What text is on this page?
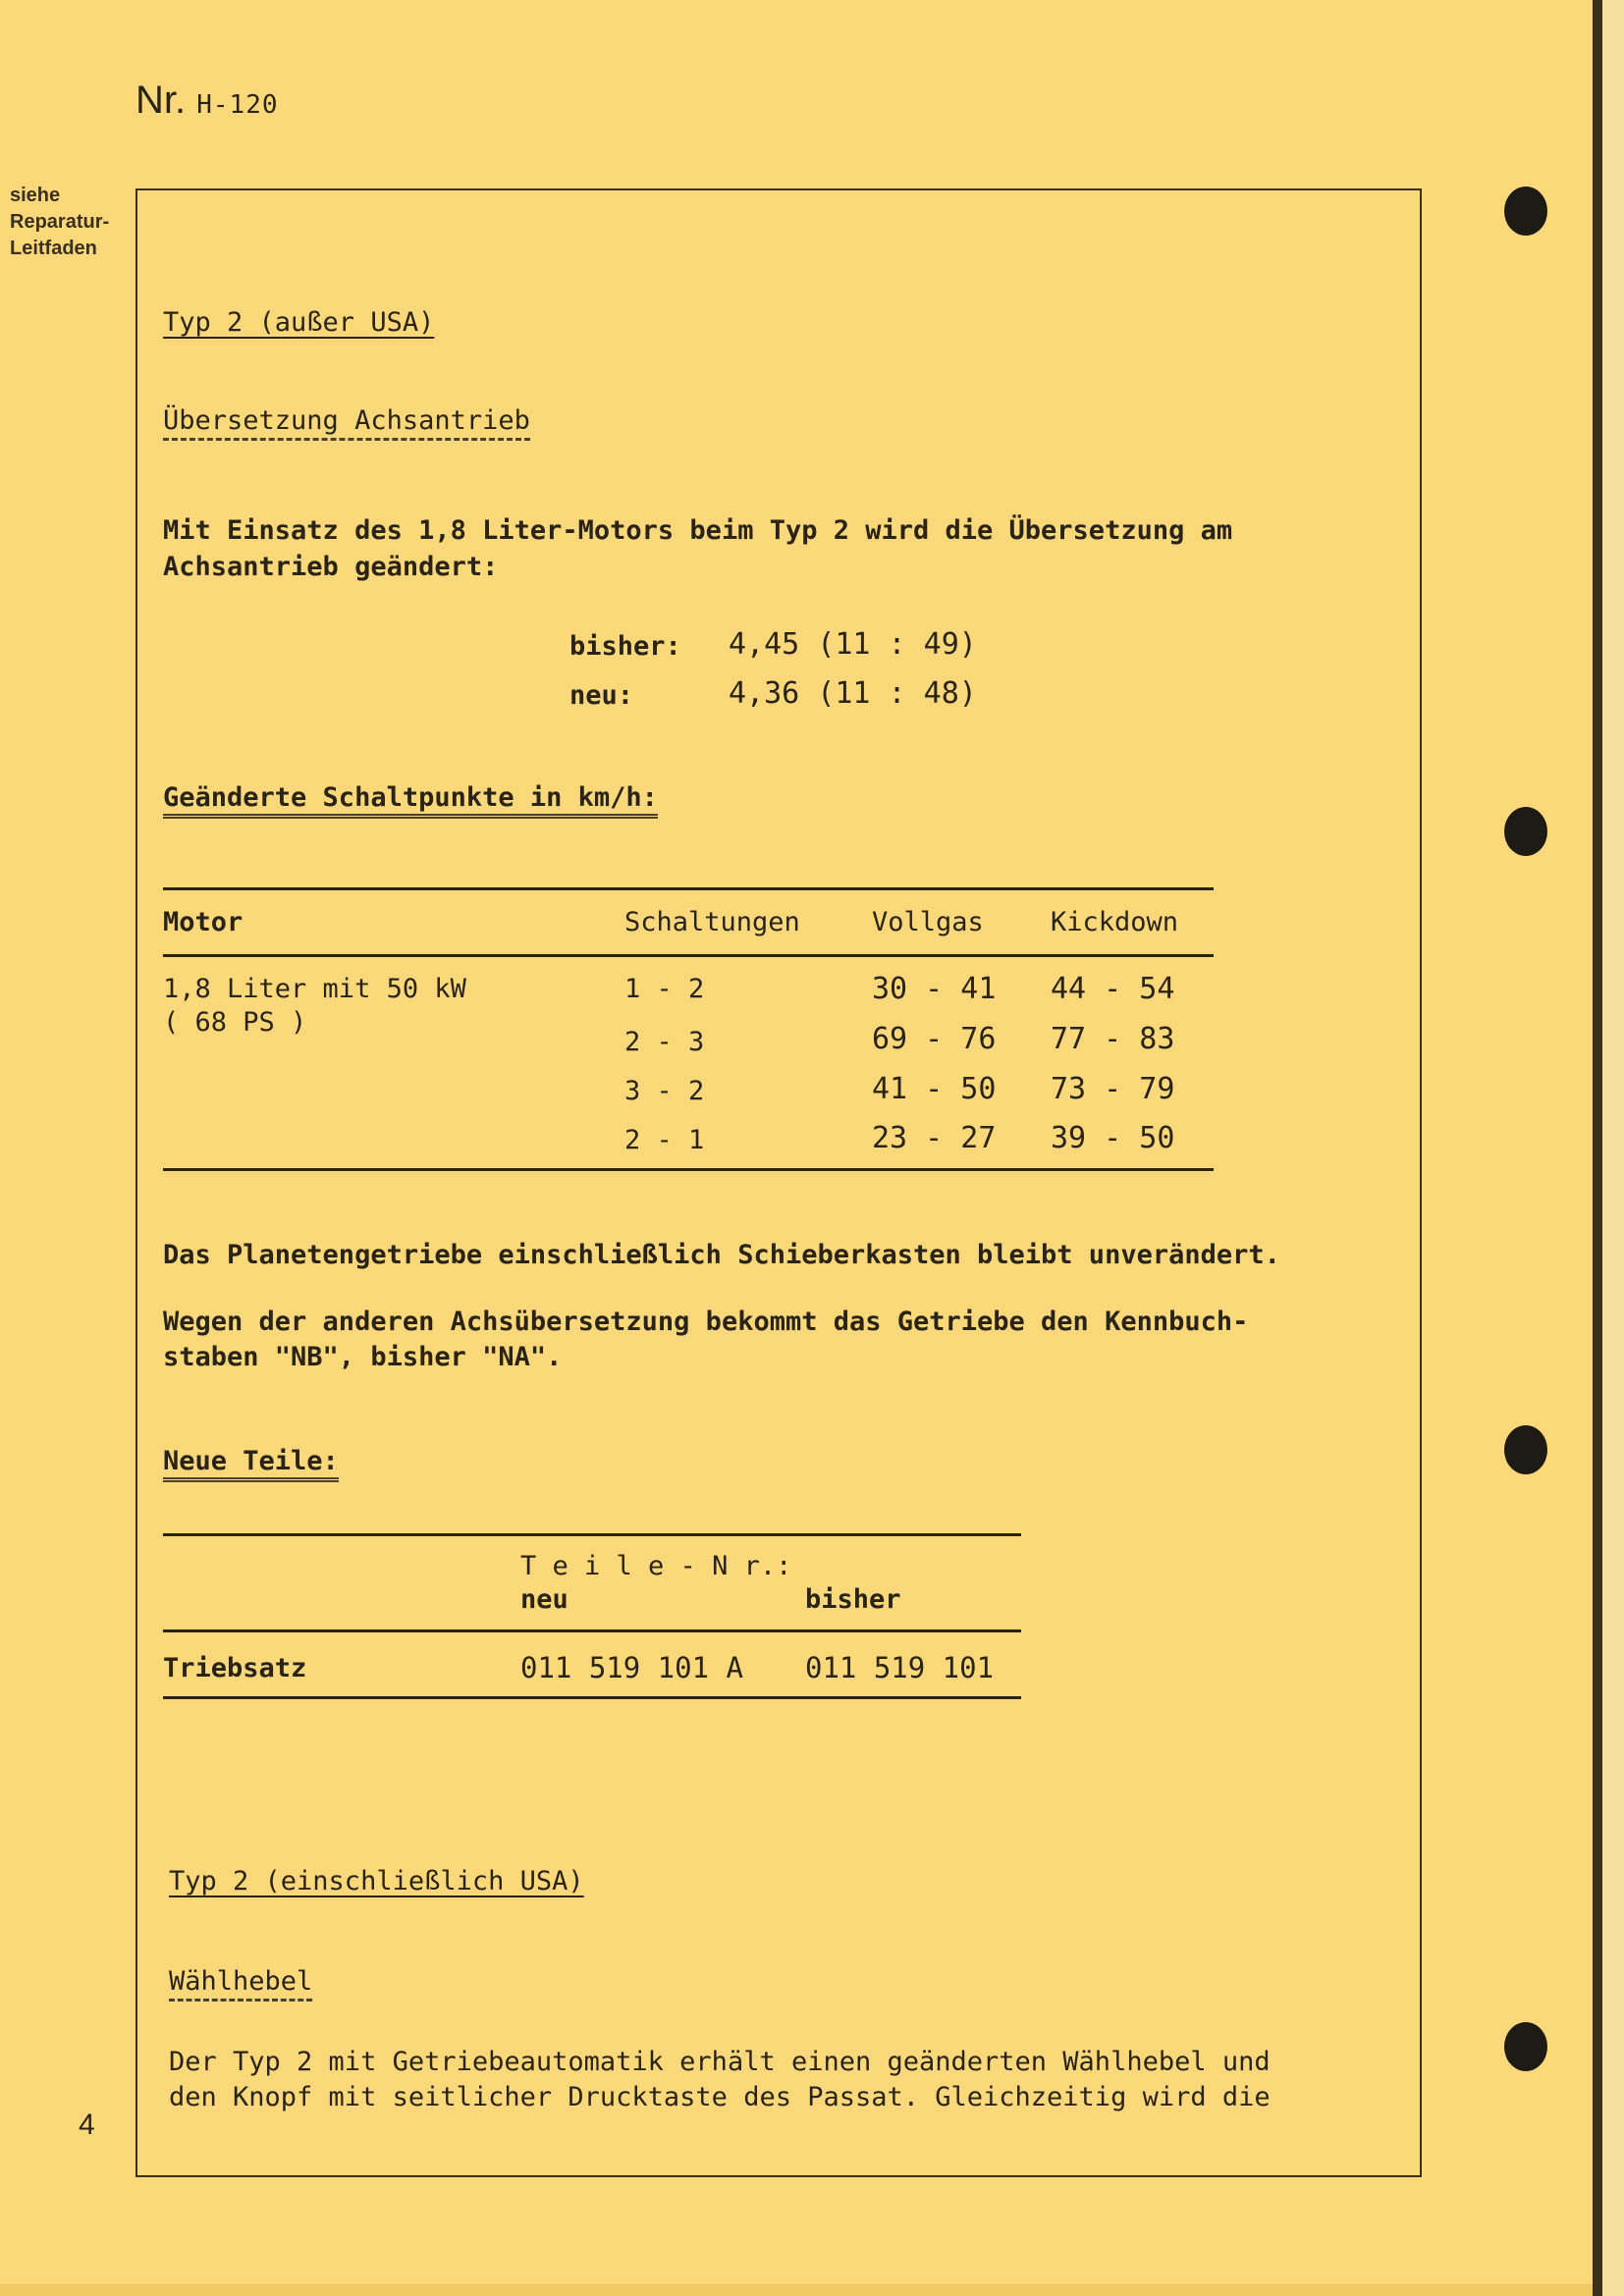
Nr. H-120
siehe
Reparatur-
Leitfaden
4
Typ 2 (außer USA)
Übersetzung Achsantrieb
Mit Einsatz des 1,8 Liter-Motors beim Typ 2 wird die Übersetzung am
Achsantrieb geändert:
bisher: 4,45 (11 : 49)
neu:	4,36 (11 : 48)
Geänderte Schaltpunkte in km/h:
Motor	Schaltungen	Vollgas	Kickdown
1,8 Liter mit 50 kW
( 68 PS )
1 - 2	30 - 41 44 - 54
2 - 3	69 - 76 77 - 83
3 - 2	41 - 50 73 - 79
2 - 1	23 - 27 39 - 50
Das Planetengetriebe einschließlich Schieberkasten bleibt unverändert.
Wegen der anderen Achsübersetzung bekommt das Getriebe den Kennbuch-
staben "NB", bisher "NA".
Neue Teile:
T e i l e - N r.:
neu	bisher
Triebsatz	011 519 101 A 011 519 101
Typ 2 (einschließlich USA)
Wählhebel
Der Typ 2 mit Getriebeautomatik erhält einen geänderten Wählhebel und
den Knopf mit seitlicher Drucktaste des Passat. Gleichzeitig wird die
